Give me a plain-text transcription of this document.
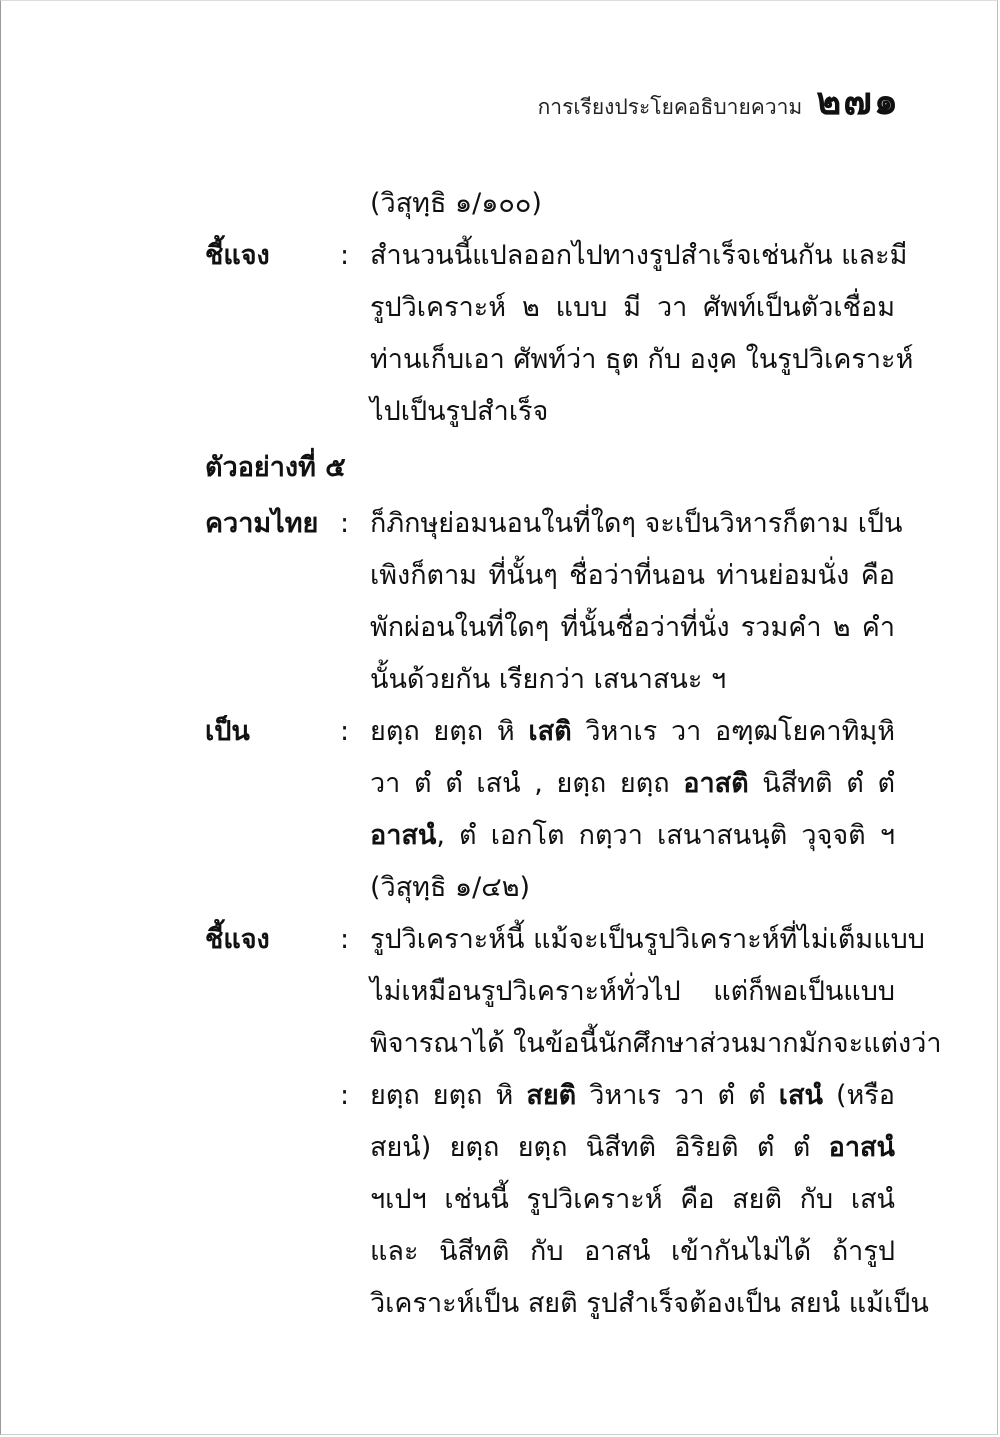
การเรียงประโยคอธิบายความ ๒๗๑
(วิสุทฺธิ ๑/๑๐๐)
ชี้แจง	: สำนวนนี้แปลออกไปทางรูปสำเร็จเช่นกัน และมี
รูปวิเคราะห์ ๒ แบบ มี วา ศัพท์เป็นตัวเชื่อม
ท่านเก็บเอา ศัพท์ว่า ธุต กับ องฺค ในรูปวิเคราะห์
ไปเป็นรูปสำเร็จ
ตัวอย่างที่ ๕
ความไทย : ก็ภิกษุย่อมนอนในที่ใดๆ จะเป็นวิหารก็ตาม เป็น
เพิงก็ตาม ที่นั้นๆ ชื่อว่าที่นอน ท่านย่อมนั่ง คือ
พักผ่อนในที่ใดๆ ที่นั้นชื่อว่าที่นั่ง รวมคำ ๒ คำ
นั้นด้วยกัน เรียกว่า เสนาสนะ ฯ
เป็น	: ยตฺถ ยตฺถ หิ เสติ วิหาเร วา อฑฺฒโยคาทิมฺหิ
วา ตํ ตํ เสนํ , ยตฺถ ยตฺถ อาสติ นิสีทติ ตํ ตํ
อาสนํ, ตํ เอกโต กตฺวา เสนาสนนฺติ วุจฺจติ ฯ
(วิสุทฺธิ ๑/๔๒)
ชี้แจง	: รูปวิเคราะห์นี้ แม้จะเป็นรูปวิเคราะห์ที่ไม่เต็มแบบ
ไม่เหมือนรูปวิเคราะห์ทั่วไป แต่ก็พอเป็นแบบ
พิจารณาได้ ในข้อนี้นักศึกษาส่วนมากมักจะแต่งว่า
: ยตฺถ ยตฺถ หิ สยติ วิหาเร วา ตํ ตํ เสนํ (หรือ
สยนํ) ยตฺถ ยตฺถ นิสีทติ อิริยติ ตํ ตํ อาสนํ
ฯเปฯ เช่นนี้ รูปวิเคราะห์ คือ สยติ กับ เสนํ
และ นิสีทติ กับ อาสนํ เข้ากันไม่ได้ ถ้ารูป
วิเคราะห์เป็น สยติ รูปสำเร็จต้องเป็น สยนํ แม้เป็น
